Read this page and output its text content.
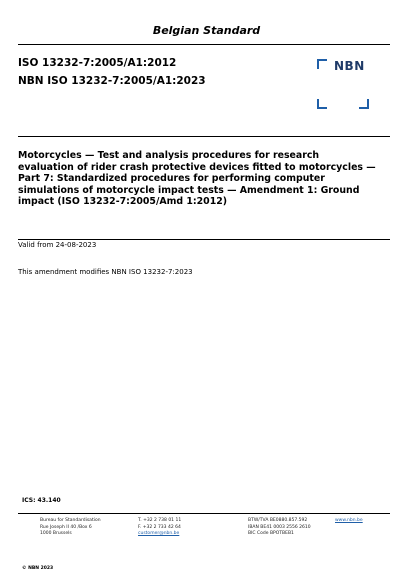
Belgian Standard
ISO 13232-7:2005/A1:2012
NBN ISO 13232-7:2005/A1:2023
NBN
Motorcycles — Test and analysis procedures for research evaluation of rider crash protective devices fitted to motorcycles — Part 7: Standardized procedures for performing computer simulations of motorcycle impact tests — Amendment 1: Ground impact (ISO 13232-7:2005/Amd 1:2012)
Valid from 24-08-2023
This amendment modifies NBN ISO 13232-7:2023
ICS: 43.140
Bureau for Standardisation
Rue Joseph II 40 /Box 6
1000 Brussels
T. +32 2 738 01 11
F. +32 2 733 42 64
customer@nbn.be
BTW/TVA BE0880.857.592
IBAN BE41 0003 2556 2610
BIC Code BPOTBEB1
www.nbn.be
© NBN 2023
